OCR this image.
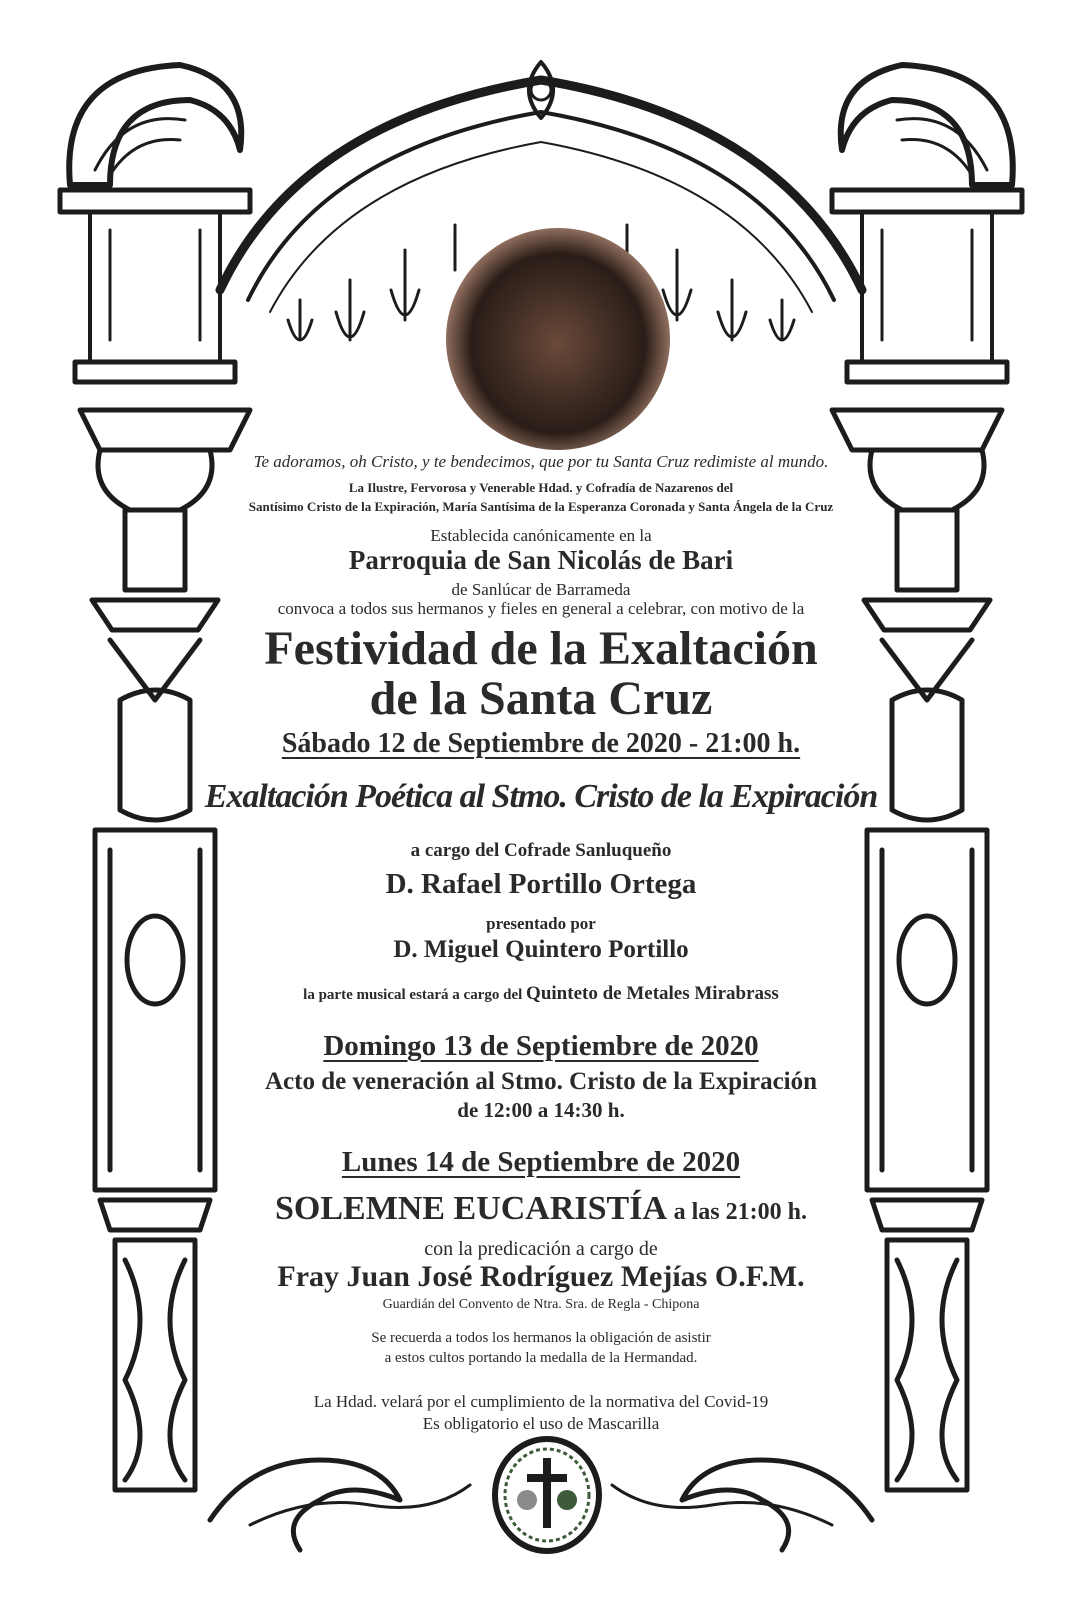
Te adoramos, oh Cristo, y te bendecimos, que por tu Santa Cruz redimiste al mundo.

La Ilustre, Fervorosa y Venerable Hdad. y Cofradía de Nazarenos del

Santísimo Cristo de la Expiración, María Santísima de la Esperanza Coronada y Santa Ángela de la Cruz

Establecida canónicamente en la

Parroquia de San Nicolás de Bari

de Sanlúcar de Barrameda

convoca a todos sus hermanos y fieles en general a celebrar, con motivo de la

Festividad de la Exaltación

de la Santa Cruz

Sábado 12 de Septiembre de 2020 - 21:00 h.

Exaltación Poética al Stmo. Cristo de la Expiración

a cargo del Cofrade Sanluqueño

D. Rafael Portillo Ortega

presentado por

D. Miguel Quintero Portillo

la parte musical estará a cargo del Quinteto de Metales Mirabrass

Domingo 13 de Septiembre de 2020

Acto de veneración al Stmo. Cristo de la Expiración

de 12:00 a 14:30 h.

Lunes 14 de Septiembre de 2020

SOLEMNE EUCARISTÍA a las 21:00 h.

con la predicación a cargo de

Fray Juan José Rodríguez Mejías O.F.M.

Guardián del Convento de Ntra. Sra. de Regla - Chipona

Se recuerda a todos los hermanos la obligación de asistir

a estos cultos portando la medalla de la Hermandad.

La Hdad. velará por el cumplimiento de la normativa del Covid-19

Es obligatorio el uso de Mascarilla
